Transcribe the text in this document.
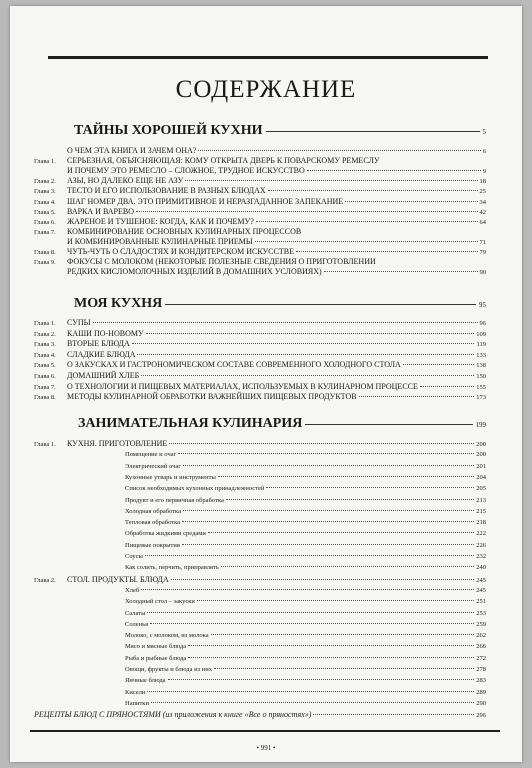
СОДЕРЖАНИЕ
ТАЙНЫ ХОРОШЕЙ КУХНИ	5
О ЧЕМ ЭТА КНИГА И ЗАЧЕМ ОНА?	6
Глава 1.	СЕРЬЕЗНАЯ, ОБЪЯСНЯЮЩАЯ: КОМУ ОТКРЫТА ДВЕРЬ К ПОВАРСКОМУ РЕМЕСЛУ
И ПОЧЕМУ ЭТО РЕМЕСЛО – СЛОЖНОЕ, ТРУДНОЕ ИСКУССТВО	9
Глава 2.	АЗЫ, НО ДАЛЕКО ЕЩЕ НЕ АЗУ	18
Глава 3.	ТЕСТО И ЕГО ИСПОЛЬЗОВАНИЕ В РАЗНЫХ БЛЮДАХ	25
Глава 4.	ШАГ НОМЕР ДВА. ЭТО ПРИМИТИВНОЕ И НЕРАЗГАДАННОЕ ЗАПЕКАНИЕ	34
Глава 5.	ВАРКА И ВАРЕВО	42
Глава 6.	ЖАРЕНОЕ И ТУШЕНОЕ: КОГДА, КАК И ПОЧЕМУ?	64
Глава 7.	КОМБИНИРОВАНИЕ ОСНОВНЫХ КУЛИНАРНЫХ ПРОЦЕССОВ
И КОМБИНИРОВАННЫЕ КУЛИНАРНЫЕ ПРИЕМЫ	71
Глава 8.	ЧУТЬ-ЧУТЬ О СЛАДОСТЯХ И КОНДИТЕРСКОМ ИСКУССТВЕ	79
Глава 9.	ФОКУСЫ С МОЛОКОМ (НЕКОТОРЫЕ ПОЛЕЗНЫЕ СВЕДЕНИЯ О ПРИГОТОВЛЕНИИ
РЕДКИХ КИСЛОМОЛОЧНЫХ ИЗДЕЛИЙ В ДОМАШНИХ УСЛОВИЯХ)	90
МОЯ КУХНЯ	95
Глава 1.	СУПЫ	96
Глава 2.	КАШИ ПО-НОВОМУ	109
Глава 3.	ВТОРЫЕ БЛЮДА	119
Глава 4.	СЛАДКИЕ БЛЮДА	133
Глава 5.	О ЗАКУСКАХ И ГАСТРОНОМИЧЕСКОМ СОСТАВЕ СОВРЕМЕННОГО ХОЛОДНОГО СТОЛА	138
Глава 6.	ДОМАШНИЙ ХЛЕБ	150
Глава 7.	О ТЕХНОЛОГИИ И ПИЩЕВЫХ МАТЕРИАЛАХ, ИСПОЛЬЗУЕМЫХ В КУЛИНАРНОМ ПРОЦЕССЕ	155
Глава 8.	МЕТОДЫ КУЛИНАРНОЙ ОБРАБОТКИ ВАЖНЕЙШИХ ПИЩЕВЫХ ПРОДУКТОВ	173
ЗАНИМАТЕЛЬНАЯ КУЛИНАРИЯ	199
Глава 1.	КУХНЯ. ПРИГОТОВЛЕНИЕ	200
Помещение и очаг	200
Электрический очаг	201
Кухонные утварь и инструменты	204
Список необходимых кухонных принадлежностей	205
Продукт и его первичная обработка	213
Холодная обработка	215
Тепловая обработка	218
Обработка жидкими средами	222
Пищевые покрытия	226
Соусы	232
Как солить, перчить, приправлять	240
Глава 2.	СТОЛ. ПРОДУКТЫ. БЛЮДА	245
Хлеб	245
Холодный стол – закуски	251
Салаты	253
Соленья	259
Молоко, с молоком, из молока	262
Мясо и мясные блюда	266
Рыба и рыбные блюда	272
Овощи, фрукты и блюда из них	278
Яичные блюда	283
Кисели	289
Напитки	290
РЕЦЕПТЫ БЛЮД С ПРЯНОСТЯМИ (из приложения к книге «Все о пряностях»)	296
• 991 •
